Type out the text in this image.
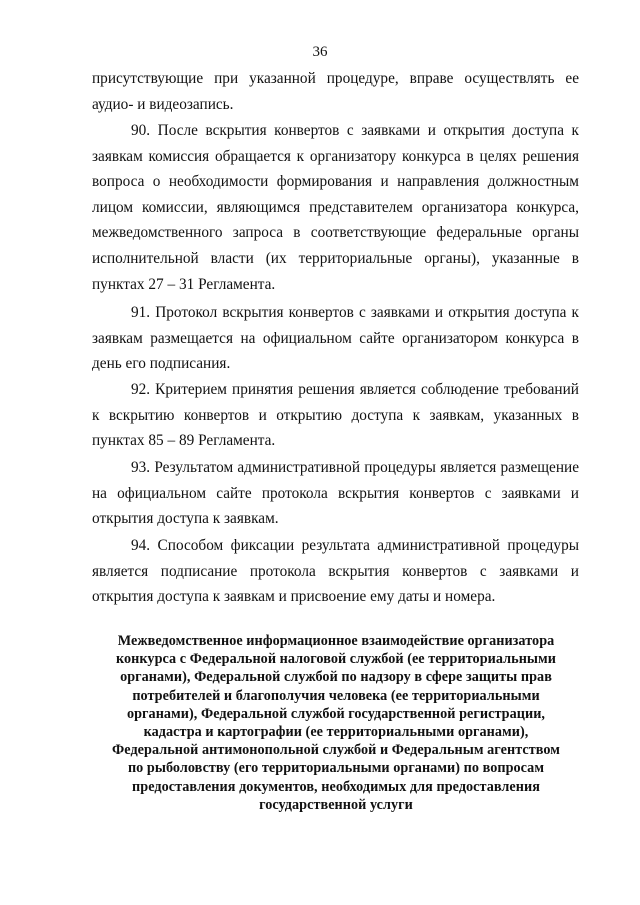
36

присутствующие при указанной процедуре, вправе осуществлять ее аудио- и видеозапись.

90. После вскрытия конвертов с заявками и открытия доступа к заявкам комиссия обращается к организатору конкурса в целях решения вопроса о необходимости формирования и направления должностным лицом комиссии, являющимся представителем организатора конкурса, межведомственного запроса в соответствующие федеральные органы исполнительной власти (их территориальные органы), указанные в пунктах 27 – 31 Регламента.

91. Протокол вскрытия конвертов с заявками и открытия доступа к заявкам размещается на официальном сайте организатором конкурса в день его подписания.

92. Критерием принятия решения является соблюдение требований к вскрытию конвертов и открытию доступа к заявкам, указанных в пунктах 85 – 89 Регламента.

93. Результатом административной процедуры является размещение на официальном сайте протокола вскрытия конвертов с заявками и открытия доступа к заявкам.

94. Способом фиксации результата административной процедуры является подписание протокола вскрытия конвертов с заявками и открытия доступа к заявкам и присвоение ему даты и номера.

Межведомственное информационное взаимодействие организатора
конкурса с Федеральной налоговой службой (ее территориальными
органами), Федеральной службой по надзору в сфере защиты прав
потребителей и благополучия человека (ее территориальными
органами), Федеральной службой государственной регистрации,
кадастра и картографии (ее территориальными органами),
Федеральной антимонопольной службой и Федеральным агентством
по рыболовству (его территориальными органами) по вопросам
предоставления документов, необходимых для предоставления
государственной услуги
